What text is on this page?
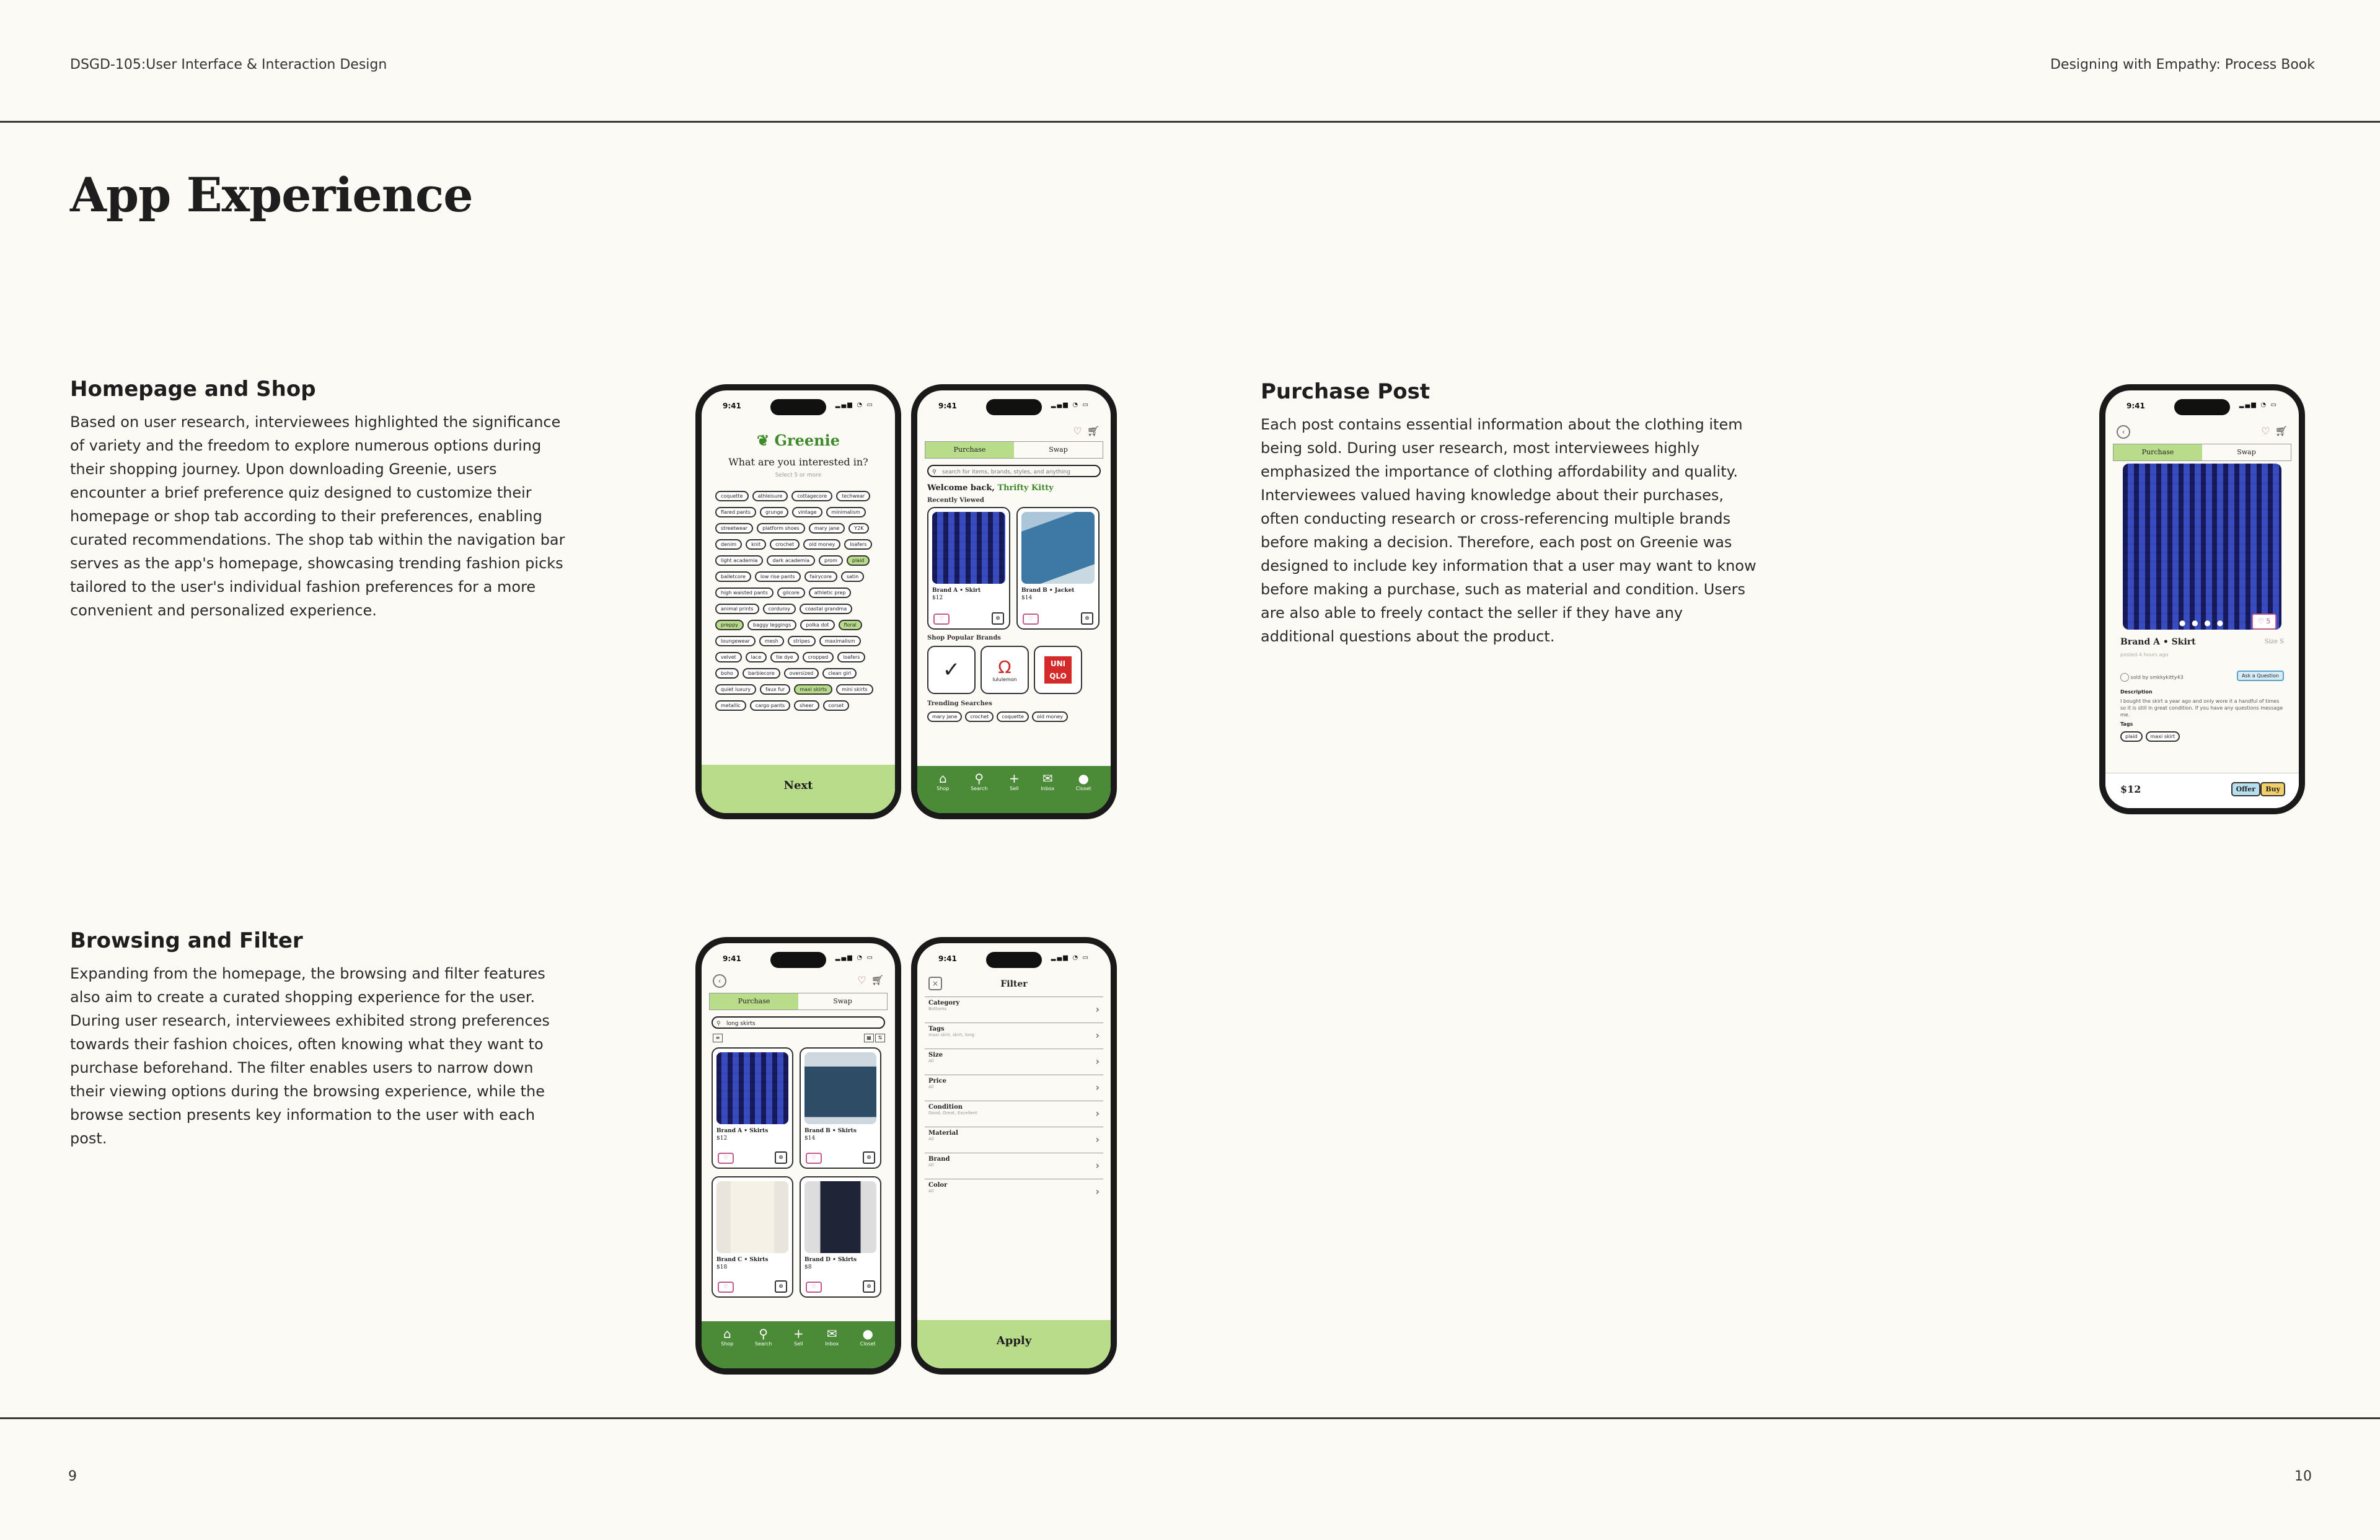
DSGD-105:User Interface & Interaction Design	Designing with Empathy: Process Book
App Experience
Homepage and Shop

Based on user research, interviewees highlighted the significance of variety and the freedom to explore numerous options during their shopping journey. Upon downloading Greenie, users encounter a brief preference quiz designed to customize their homepage or shop tab according to their preferences, enabling curated recommendations. The shop tab within the navigation bar serves as the app's homepage, showcasing trending fashion picks tailored to the user's individual fashion preferences for a more convenient and personalized experience.

Purchase Post

Each post contains essential information about the clothing item being sold. During user research, most interviewees highly emphasized the importance of clothing affordability and quality. Interviewees valued having knowledge about their purchases, often conducting research or cross-referencing multiple brands before making a decision. Therefore, each post on Greenie was designed to include key information that a user may want to know before making a purchase, such as material and condition. Users are also able to freely contact the seller if they have any additional questions about the product.

Browsing and Filter

Expanding from the homepage, the browsing and filter features also aim to create a curated shopping experience for the user. During user research, interviewees exhibited strong preferences towards their fashion choices, often knowing what they want to purchase beforehand. The filter enables users to narrow down their viewing options during the browsing experience, while the browse section presents key information to the user with each post.

9:41	▂▄▆ ◔ ▭
❦ Greenie
What are you interested in?
Select 5 or more
coquette	athleisure	cottagecore	techwear
flared pants	grunge	vintage	minimalism
streetwear	platform shoes	mary jane	Y2K
denim	knit	crochet	old money	loafers
light academia	dark academia	prom	plaid
balletcore	low rise pants	fairycore	satin
high waisted pants	gilcore	athletic prep
animal prints	corduroy	coastal grandma
preppy	baggy leggings	polka dot	floral
loungewear	mesh	stripes	maximalism
velvet	lace	tie dye	cropped	loafers
boho	barbiecore	oversized	clean girl
quiet luxury	faux fur	maxi skirts	mini skirts
metallic	cargo pants	sheer	corset
Next
9:41	▂▄▆ ◔ ▭
♡ 🛒︎
Purchase	Swap
⚲ search for items, brands, styles, and anything
Welcome back, Thrifty Kitty
Recently Viewed
Brand A • Skirt
$12
♡	⊕
Brand B • Jacket
$14
♡	⊕
Shop Popular Brands
✓ Ω
lululemon
UNI QLO
Trending Searches
mary jane	crochet	coquette	old money
⌂
Shop
⚲
Search
+
Sell
✉
Inbox
●
Closet
9:41	▂▄▆ ◔ ▭
‹	♡ 🛒︎
Purchase	Swap
● ● ● ●	♡ 5
Brand A • Skirt	Size S
posted 4 hours ago
sold by smkkykitty43	Ask a Question
Description
I bought the skirt a year ago and only wore it a handful of times so it is still in great condition. If you have any questions message me.
Tags
plaid	maxi skirt
$12	Offer	Buy
9:41	▂▄▆ ◔ ▭
‹	♡ 🛒︎
Purchase	Swap
⚲ long skirts
≡	▦	⇅
Brand A • Skirts
$12
♡	⊕
Brand B • Skirts
$14
♡	⊕
Brand C • Skirts
$18
♡	⊕
Brand D • Skirts
$8
♡	⊕
⌂
Shop
⚲
Search
+
Sell
✉
Inbox
●
Closet
9:41	▂▄▆ ◔ ▭
×	Filter
Category
Bottoms	›
Tags
maxi skirt, skirt, long	›
Size
All	›
Price
All	›
Condition
Good, Great, Excellent	›
Material
All	›
Brand
All	›
Color
All	›
Apply
9	10
